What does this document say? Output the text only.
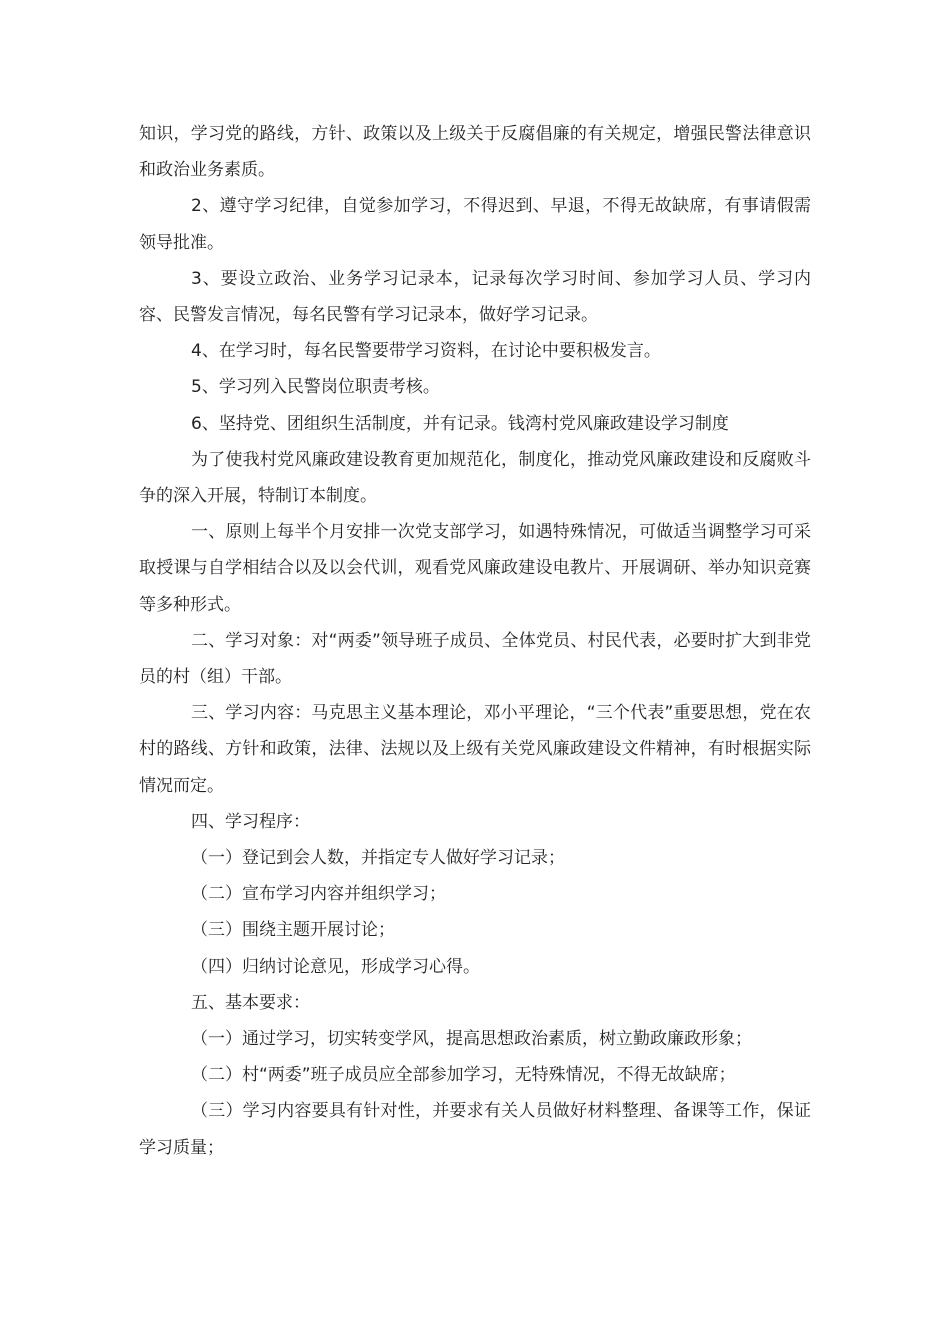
知识，学习党的路线，方针、政策以及上级关于反腐倡廉的有关规定，增强民警法律意识和政治业务素质。

2、遵守学习纪律，自觉参加学习，不得迟到、早退，不得无故缺席，有事请假需领导批准。

3、要设立政治、业务学习记录本，记录每次学习时间、参加学习人员、学习内容、民警发言情况，每名民警有学习记录本，做好学习记录。

4、在学习时，每名民警要带学习资料，在讨论中要积极发言。

5、学习列入民警岗位职责考核。

6、坚持党、团组织生活制度，并有记录。钱湾村党风廉政建设学习制度

为了使我村党风廉政建设教育更加规范化，制度化，推动党风廉政建设和反腐败斗争的深入开展，特制订本制度。

一、原则上每半个月安排一次党支部学习，如遇特殊情况，可做适当调整学习可采取授课与自学相结合以及以会代训，观看党风廉政建设电教片、开展调研、举办知识竞赛等多种形式。

二、学习对象：对“两委”领导班子成员、全体党员、村民代表，必要时扩大到非党员的村（组）干部。

三、学习内容：马克思主义基本理论，邓小平理论，“三个代表”重要思想，党在农村的路线、方针和政策，法律、法规以及上级有关党风廉政建设文件精神，有时根据实际情况而定。

四、学习程序：

（一）登记到会人数，并指定专人做好学习记录；

（二）宣布学习内容并组织学习；

（三）围绕主题开展讨论；

（四）归纳讨论意见，形成学习心得。

五、基本要求：

（一）通过学习，切实转变学风，提高思想政治素质，树立勤政廉政形象；

（二）村“两委”班子成员应全部参加学习，无特殊情况，不得无故缺席；

（三）学习内容要具有针对性，并要求有关人员做好材料整理、备课等工作，保证学习质量；
